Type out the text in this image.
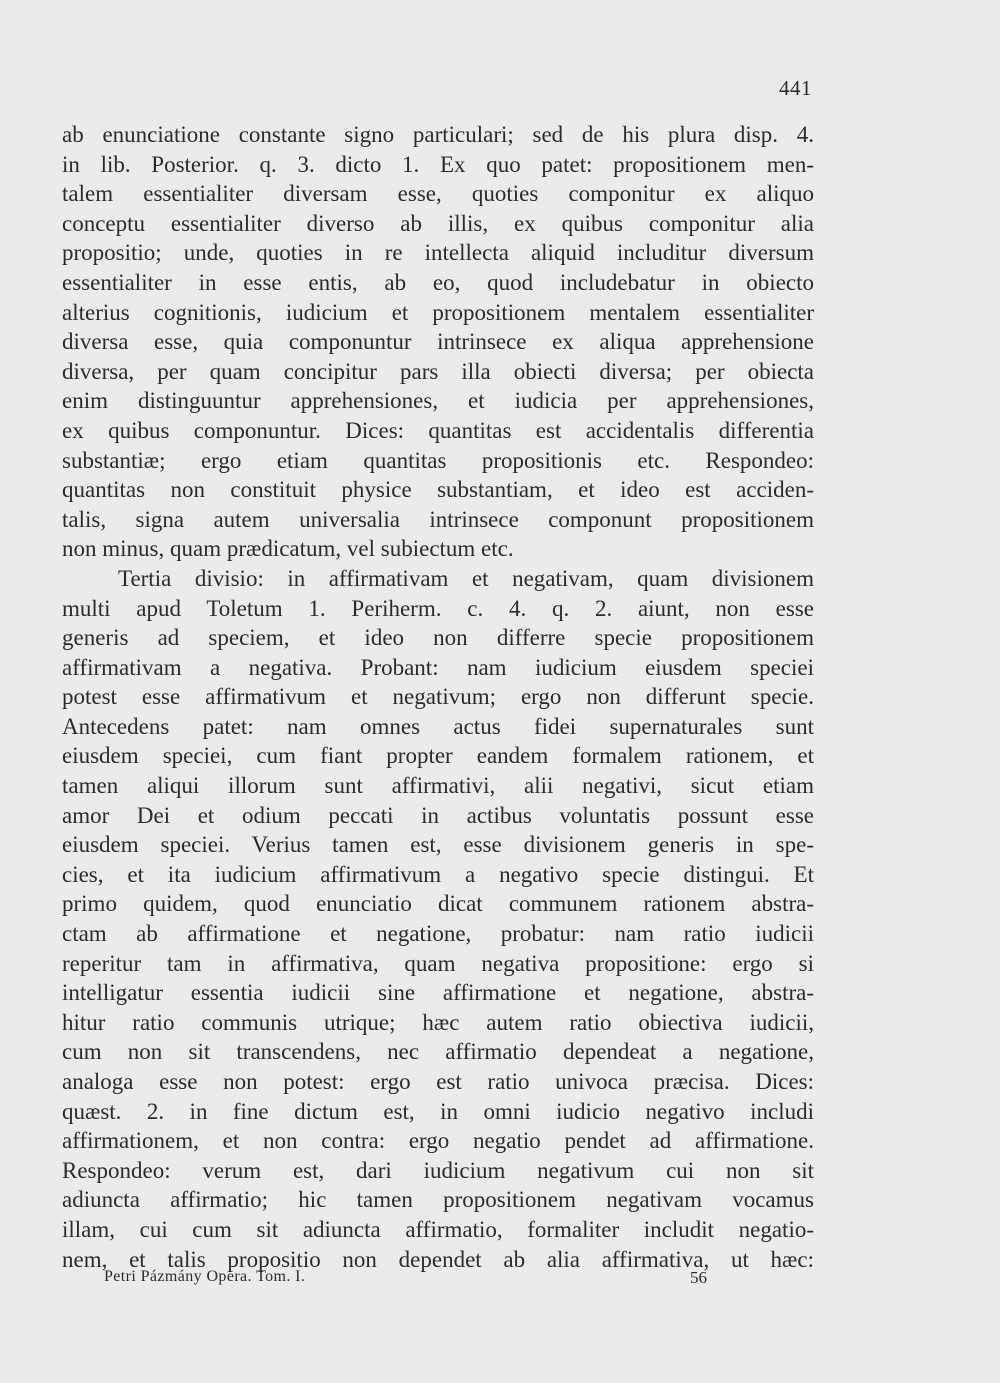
441
ab enunciatione constante signo particulari; sed de his plura disp. 4.
in lib. Posterior. q. 3. dicto 1. Ex quo patet: propositionem men-
talem essentialiter diversam esse, quoties componitur ex aliquo
conceptu essentialiter diverso ab illis, ex quibus componitur alia
propositio; unde, quoties in re intellecta aliquid includitur diversum
essentialiter in esse entis, ab eo, quod includebatur in obiecto
alterius cognitionis, iudicium et propositionem mentalem essentialiter
diversa esse, quia componuntur intrinsece ex aliqua apprehensione
diversa, per quam concipitur pars illa obiecti diversa; per obiecta
enim distinguuntur apprehensiones, et iudicia per apprehensiones,
ex quibus componuntur. Dices: quantitas est accidentalis differentia
substantiæ; ergo etiam quantitas propositionis etc. Respondeo:
quantitas non constituit physice substantiam, et ideo est acciden-
talis, signa autem universalia intrinsece componunt propositionem
non minus, quam prædicatum, vel subiectum etc.
Tertia divisio: in affirmativam et negativam, quam divisionem
multi apud Toletum 1. Periherm. c. 4. q. 2. aiunt, non esse
generis ad speciem, et ideo non differre specie propositionem
affirmativam a negativa. Probant: nam iudicium eiusdem speciei
potest esse affirmativum et negativum; ergo non differunt specie.
Antecedens patet: nam omnes actus fidei supernaturales sunt
eiusdem speciei, cum fiant propter eandem formalem rationem, et
tamen aliqui illorum sunt affirmativi, alii negativi, sicut etiam
amor Dei et odium peccati in actibus voluntatis possunt esse
eiusdem speciei. Verius tamen est, esse divisionem generis in spe-
cies, et ita iudicium affirmativum a negativo specie distingui. Et
primo quidem, quod enunciatio dicat communem rationem abstra-
ctam ab affirmatione et negatione, probatur: nam ratio iudicii
reperitur tam in affirmativa, quam negativa propositione: ergo si
intelligatur essentia iudicii sine affirmatione et negatione, abstra-
hitur ratio communis utrique; hæc autem ratio obiectiva iudicii,
cum non sit transcendens, nec affirmatio dependeat a negatione,
analoga esse non potest: ergo est ratio univoca præcisa. Dices:
quæst. 2. in fine dictum est, in omni iudicio negativo includi
affirmationem, et non contra: ergo negatio pendet ad affirmatione.
Respondeo: verum est, dari iudicium negativum cui non sit
adiuncta affirmatio; hic tamen propositionem negativam vocamus
illam, cui cum sit adiuncta affirmatio, formaliter includit negatio-
nem, et talis propositio non dependet ab alia affirmativa, ut hæc:
Petri Pázmány Opera. Tom. I.	56
